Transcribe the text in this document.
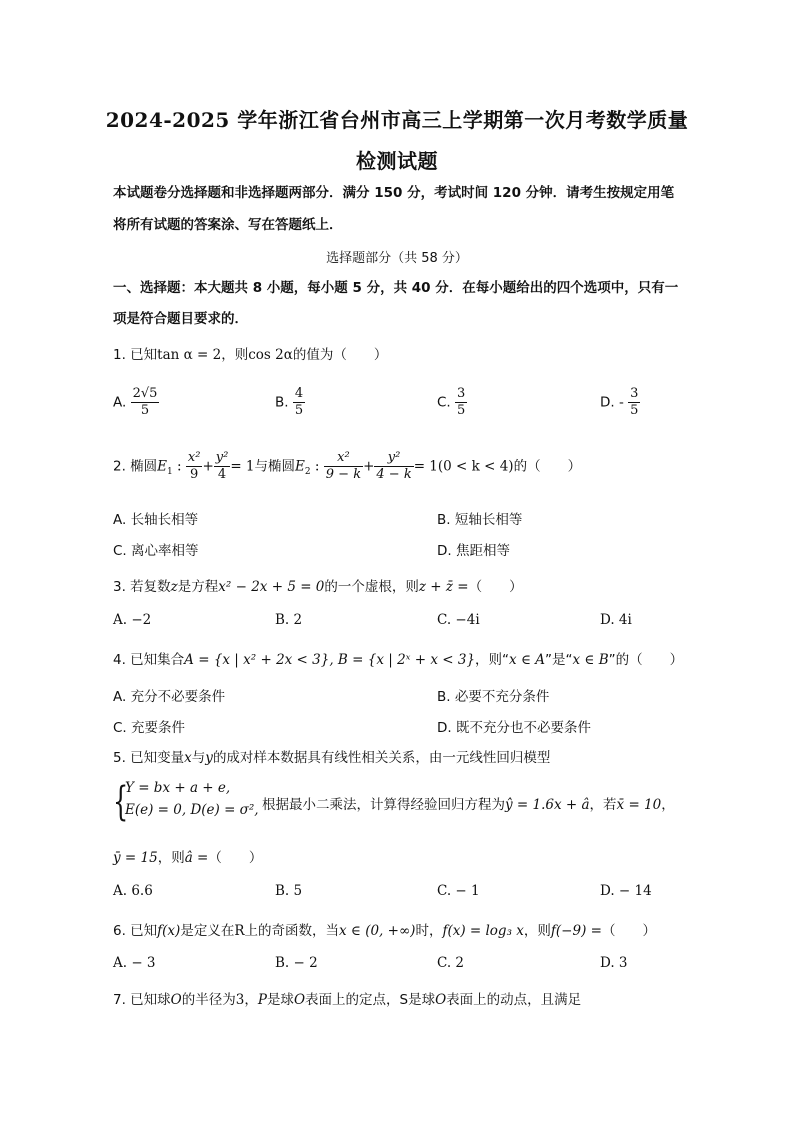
2024-2025 学年浙江省台州市高三上学期第一次月考数学质量
检测试题
本试题卷分选择题和非选择题两部分．满分 150 分，考试时间 120 分钟．请考生按规定用笔
将所有试题的答案涂、写在答题纸上．
选择题部分（共 58 分）
一、选择题：本大题共 8 小题，每小题 5 分，共 40 分．在每小题给出的四个选项中，只有一
项是符合题目要求的．
1. 已知tan α = 2，则cos 2α的值为（　　）
A. $\frac{2√5}{5}$	B. $\frac{4}{5}$	C. $\frac{3}{5}$	D. - $\frac{3}{5}$
2. 椭圆$E_1$ : $\frac{\text{x²}}{9} + \frac{\text{y²}}{4} = 1$与椭圆$E_2$ : $\frac{\text{x²}}{9 - k} + \frac{\text{y²}}{4 - k} = 1(0 < k < 4)$的（　　）
A. 长轴长相等	B. 短轴长相等
C. 离心率相等	D. 焦距相等
3. 若复数z是方程x² − 2x + 5 = 0的一个虚根，则z + z̄ =（　　）
A. −2	B. 2	C. −4i	D. 4i
4. 已知集合A = {x | x² + 2x < 3}, B = {x | 2ˣ + x < 3}，则“x ∈ A”是“x ∈ B”的（　　）
A. 充分不必要条件	B. 必要不充分条件
C. 充要条件	D. 既不充分也不必要条件
5. 已知变量x与y的成对样本数据具有线性相关关系，由一元线性回归模型
{
Y = bx + a + e,
E(e) = 0, D(e) = σ², 根据最小二乘法，计算得经验回归方程为ŷ = 1.6x + â，若x̄ = 10，
ȳ = 15，则â =（　　）
A. 6.6	B. 5	C. − 1	D. − 14
6. 已知f(x)是定义在R上的奇函数，当x ∈ (0, +∞)时，f(x) = log₃ x，则f(−9) =（　　）
A. − 3	B. − 2	C. 2	D. 3
7. 已知球O的半径为3，P是球O表面上的定点，S是球O表面上的动点，且满足
